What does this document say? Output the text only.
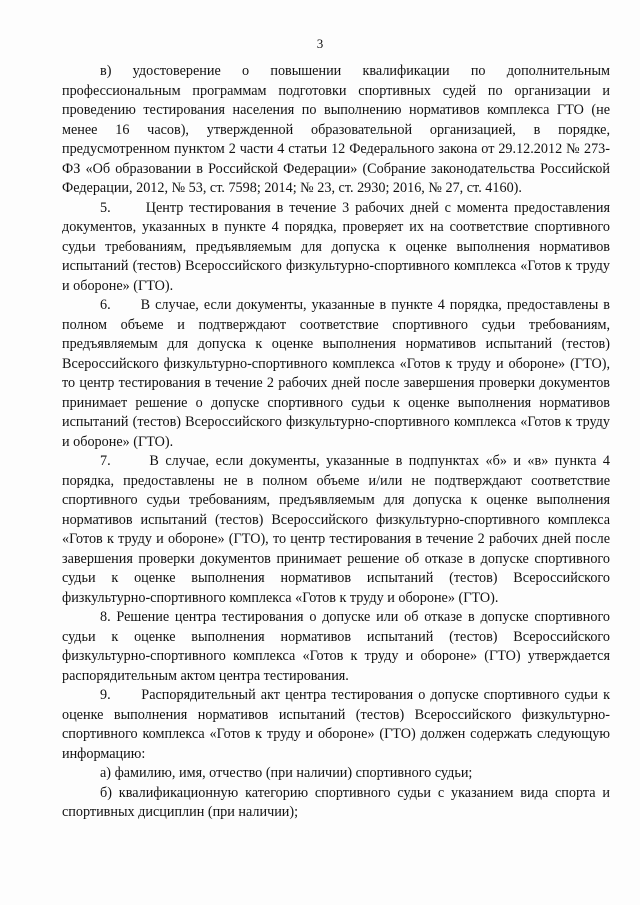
3

в) удостоверение о повышении квалификации по дополнительным профессиональным программам подготовки спортивных судей по организации и проведению тестирования населения по выполнению нормативов комплекса ГТО (не менее 16 часов), утвержденной образовательной организацией, в порядке, предусмотренном пунктом 2 части 4 статьи 12 Федерального закона от 29.12.2012 № 273-ФЗ «Об образовании в Российской Федерации» (Собрание законодательства Российской Федерации, 2012, № 53, ст. 7598; 2014; № 23, ст. 2930; 2016, № 27, ст. 4160).

5.      Центр тестирования в течение 3 рабочих дней с момента предоставления документов, указанных в пункте 4 порядка, проверяет их на соответствие спортивного судьи требованиям, предъявляемым для допуска к оценке выполнения нормативов испытаний (тестов) Всероссийского физкультурно-спортивного комплекса «Готов к труду и обороне» (ГТО).

6.      В случае, если документы, указанные в пункте 4 порядка, предоставлены в полном объеме и подтверждают соответствие спортивного судьи требованиям, предъявляемым для допуска к оценке выполнения нормативов испытаний (тестов) Всероссийского физкультурно-спортивного комплекса «Готов к труду и обороне» (ГТО), то центр тестирования в течение 2 рабочих дней после завершения проверки документов принимает решение о допуске спортивного судьи к оценке выполнения нормативов испытаний (тестов) Всероссийского физкультурно-спортивного комплекса «Готов к труду и обороне» (ГТО).

7.      В случае, если документы, указанные в подпунктах «б» и «в» пункта 4 порядка, предоставлены не в полном объеме и/или не подтверждают соответствие спортивного судьи требованиям, предъявляемым для допуска к оценке выполнения нормативов испытаний (тестов) Всероссийского физкультурно-спортивного комплекса «Готов к труду и обороне» (ГТО), то центр тестирования в течение 2 рабочих дней после завершения проверки документов принимает решение об отказе в допуске спортивного судьи к оценке выполнения нормативов испытаний (тестов) Всероссийского физкультурно-спортивного комплекса «Готов к труду и обороне» (ГТО).

8. Решение центра тестирования о допуске или об отказе в допуске спортивного судьи к оценке выполнения нормативов испытаний (тестов) Всероссийского физкультурно-спортивного комплекса «Готов к труду и обороне» (ГТО) утверждается распорядительным актом центра тестирования.

9.      Распорядительный акт центра тестирования о допуске спортивного судьи к оценке выполнения нормативов испытаний (тестов) Всероссийского физкультурно-спортивного комплекса «Готов к труду и обороне» (ГТО) должен содержать следующую информацию:

а) фамилию, имя, отчество (при наличии) спортивного судьи;

б) квалификационную категорию спортивного судьи с указанием вида спорта и спортивных дисциплин (при наличии);
